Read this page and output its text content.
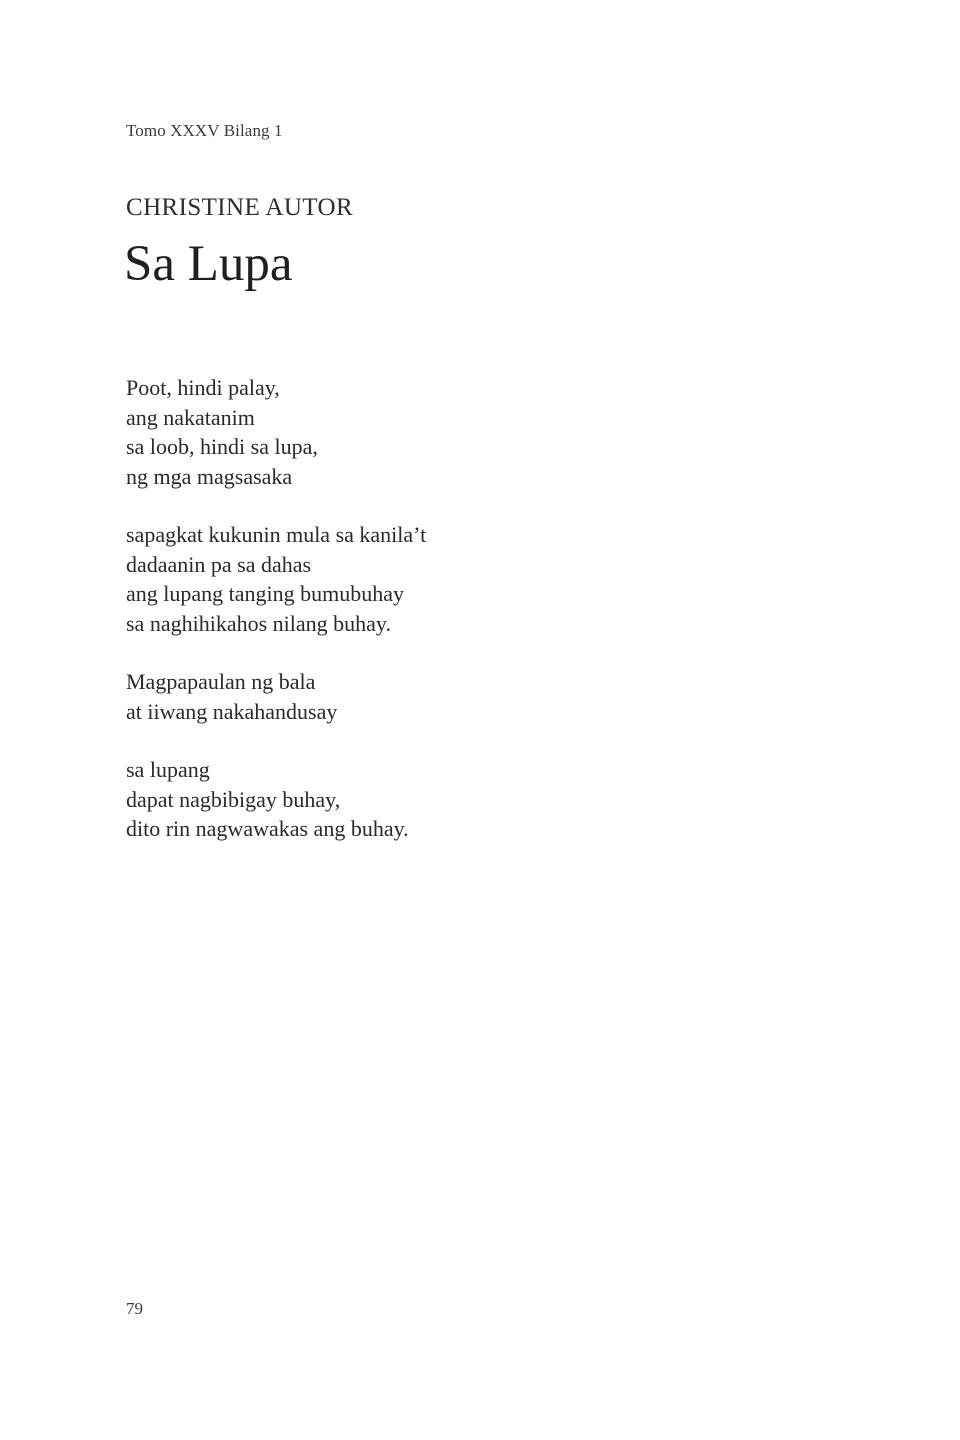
Tomo XXXV Bilang 1
CHRISTINE AUTOR
Sa Lupa
Poot, hindi palay,
ang nakatanim
sa loob, hindi sa lupa,
ng mga magsasaka
sapagkat kukunin mula sa kanila’t
dadaanin pa sa dahas
ang lupang tanging bumubuhay
sa naghihikahos nilang buhay.
Magpapaulan ng bala
at iiwang nakahandusay
sa lupang
dapat nagbibigay buhay,
dito rin nagwawakas ang buhay.
79
